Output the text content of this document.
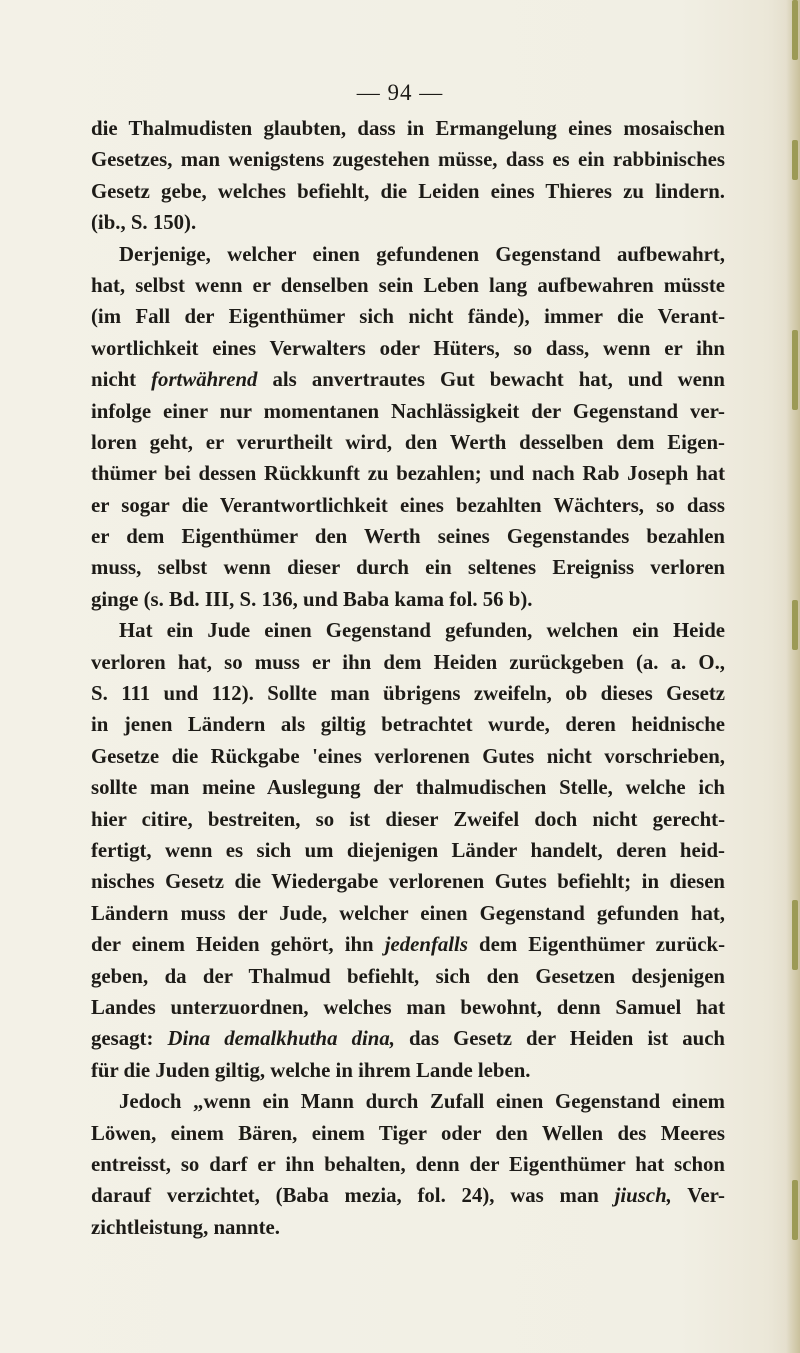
— 94 —
die Thalmudisten glaubten, dass in Ermangelung eines mosaischen
Gesetzes, man wenigstens zugestehen müsse, dass es ein rabbinisches
Gesetz gebe, welches befiehlt, die Leiden eines Thieres zu lindern.
(ib., S. 150).
Derjenige, welcher einen gefundenen Gegenstand aufbewahrt,
hat, selbst wenn er denselben sein Leben lang aufbewahren müsste
(im Fall der Eigenthümer sich nicht fände), immer die Verant-
wortlichkeit eines Verwalters oder Hüters, so dass, wenn er ihn
nicht fortwährend als anvertrautes Gut bewacht hat, und wenn
infolge einer nur momentanen Nachlässigkeit der Gegenstand ver-
loren geht, er verurtheilt wird, den Werth desselben dem Eigen-
thümer bei dessen Rückkunft zu bezahlen; und nach Rab Joseph hat
er sogar die Verantwortlichkeit eines bezahlten Wächters, so dass
er dem Eigenthümer den Werth seines Gegenstandes bezahlen
muss, selbst wenn dieser durch ein seltenes Ereigniss verloren
ginge (s. Bd. III, S. 136, und Baba kama fol. 56 b).
Hat ein Jude einen Gegenstand gefunden, welchen ein Heide
verloren hat, so muss er ihn dem Heiden zurückgeben (a. a. O.,
S. 111 und 112). Sollte man übrigens zweifeln, ob dieses Gesetz
in jenen Ländern als giltig betrachtet wurde, deren heidnische
Gesetze die Rückgabe 'eines verlorenen Gutes nicht vorschrieben,
sollte man meine Auslegung der thalmudischen Stelle, welche ich
hier citire, bestreiten, so ist dieser Zweifel doch nicht gerecht-
fertigt, wenn es sich um diejenigen Länder handelt, deren heid-
nisches Gesetz die Wiedergabe verlorenen Gutes befiehlt; in diesen
Ländern muss der Jude, welcher einen Gegenstand gefunden hat,
der einem Heiden gehört, ihn jedenfalls dem Eigenthümer zurück-
geben, da der Thalmud befiehlt, sich den Gesetzen desjenigen
Landes unterzuordnen, welches man bewohnt, denn Samuel hat
gesagt: Dina demalkhutha dina, das Gesetz der Heiden ist auch
für die Juden giltig, welche in ihrem Lande leben.
Jedoch „wenn ein Mann durch Zufall einen Gegenstand einem
Löwen, einem Bären, einem Tiger oder den Wellen des Meeres
entreisst, so darf er ihn behalten, denn der Eigenthümer hat schon
darauf verzichtet, (Baba mezia, fol. 24), was man jiusch, Ver-
zichtleistung, nannte.
